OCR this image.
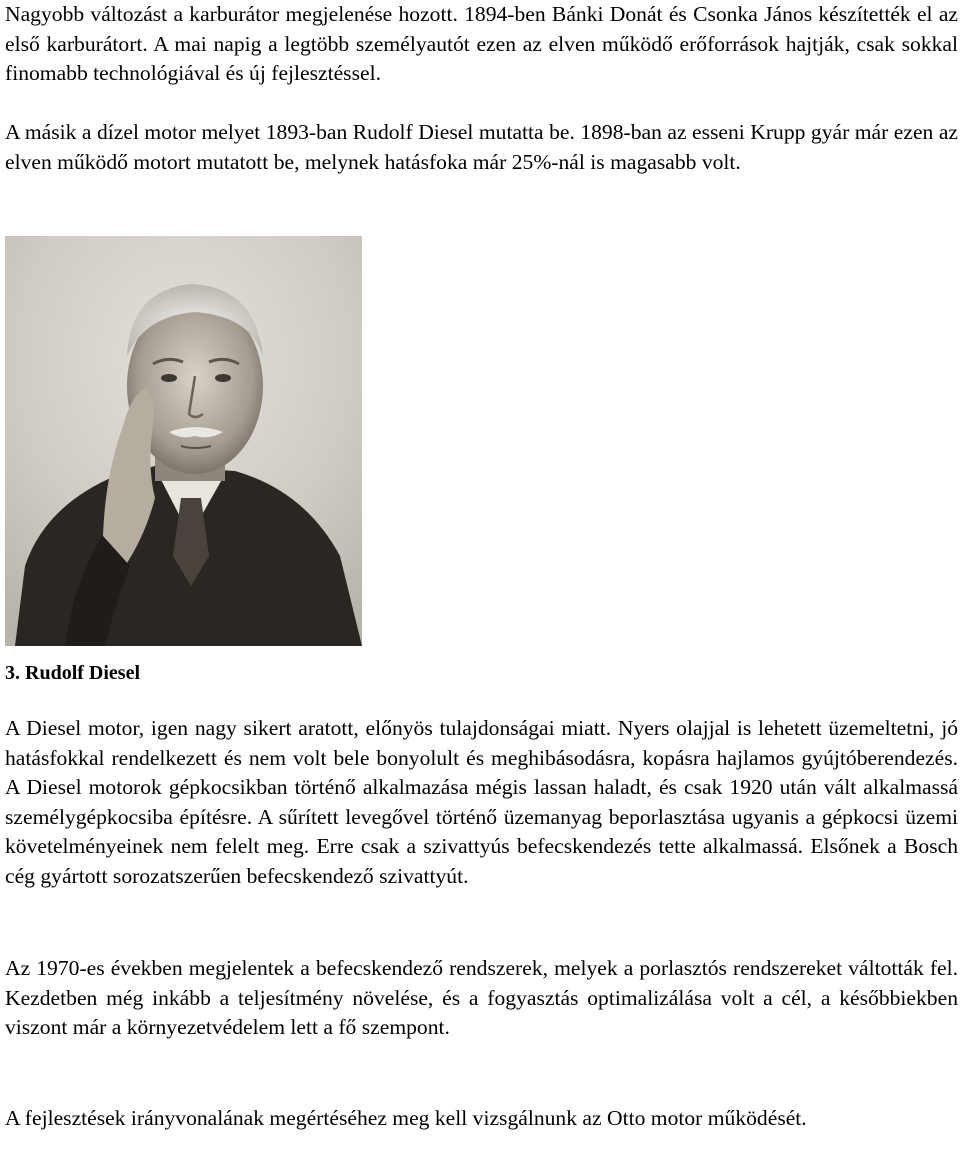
Nagyobb változást a karburátor megjelenése hozott. 1894-ben Bánki Donát és Csonka János készítették el az első karburátort. A mai napig a legtöbb személyautót ezen az elven működő erőforrások hajtják, csak sokkal finomabb technológiával és új fejlesztéssel.

A másik a dízel motor melyet 1893-ban Rudolf Diesel mutatta be. 1898-ban az esseni Krupp gyár már ezen az elven működő motort mutatott be, melynek hatásfoka már 25%-nál is magasabb volt.

3. Rudolf Diesel

A Diesel motor, igen nagy sikert aratott, előnyös tulajdonságai miatt. Nyers olajjal is lehetett üzemeltetni, jó hatásfokkal rendelkezett és nem volt bele bonyolult és meghibásodásra, kopásra hajlamos gyújtóberendezés. A Diesel motorok gépkocsikban történő alkalmazása mégis lassan haladt, és csak 1920 után vált alkalmassá személygépkocsiba építésre. A sűrített levegővel történő üzemanyag beporlasztása ugyanis a gépkocsi üzemi követelményeinek nem felelt meg. Erre csak a szivattyús befecskendezés tette alkalmassá. Elsőnek a Bosch cég gyártott sorozatszerűen befecskendező szivattyút.

Az 1970-es években megjelentek a befecskendező rendszerek, melyek a porlasztós rendszereket váltották fel. Kezdetben még inkább a teljesítmény növelése, és a fogyasztás optimalizálása volt a cél, a későbbiekben viszont már a környezetvédelem lett a fő szempont.

A fejlesztések irányvonalának megértéséhez meg kell vizsgálnunk az Otto motor működését.
